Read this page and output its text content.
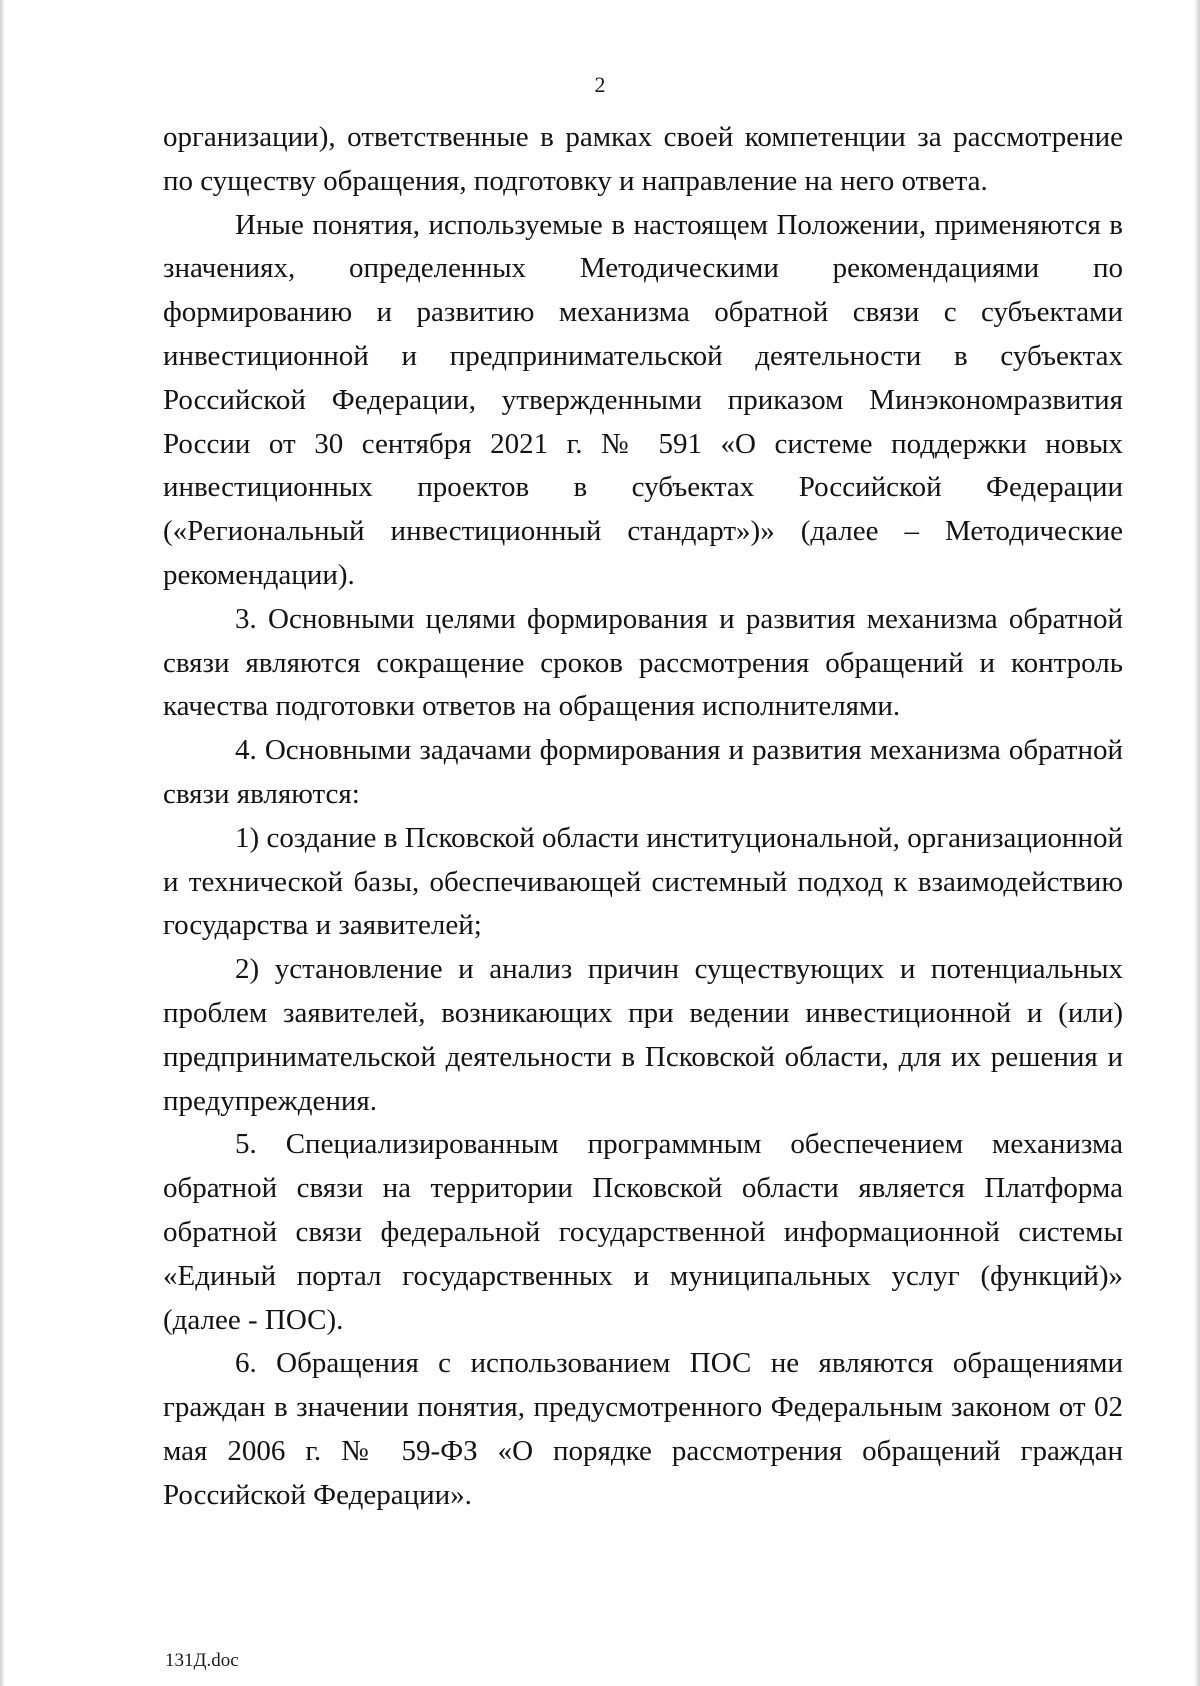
2

организации), ответственные в рамках своей компетенции за рассмотрение по существу обращения, подготовку и направление на него ответа.

Иные понятия, используемые в настоящем Положении, применяются в значениях, определенных Методическими рекомендациями по формированию и развитию механизма обратной связи с субъектами инвестиционной и предпринимательской деятельности в субъектах Российской Федерации, утвержденными приказом Минэкономразвития России от 30 сентября 2021 г. № 591 «О системе поддержки новых инвестиционных проектов в субъектах Российской Федерации («Региональный инвестиционный стандарт»)» (далее – Методические рекомендации).

3. Основными целями формирования и развития механизма обратной связи являются сокращение сроков рассмотрения обращений и контроль качества подготовки ответов на обращения исполнителями.

4. Основными задачами формирования и развития механизма обратной связи являются:

1) создание в Псковской области институциональной, организационной и технической базы, обеспечивающей системный подход к взаимодействию государства и заявителей;

2) установление и анализ причин существующих и потенциальных проблем заявителей, возникающих при ведении инвестиционной и (или) предпринимательской деятельности в Псковской области, для их решения и предупреждения.

5. Специализированным программным обеспечением механизма обратной связи на территории Псковской области является Платформа обратной связи федеральной государственной информационной системы «Единый портал государственных и муниципальных услуг (функций)» (далее - ПОС).

6. Обращения с использованием ПОС не являются обращениями граждан в значении понятия, предусмотренного Федеральным законом от 02 мая 2006 г. № 59-ФЗ «О порядке рассмотрения обращений граждан Российской Федерации».

131Д.doc
